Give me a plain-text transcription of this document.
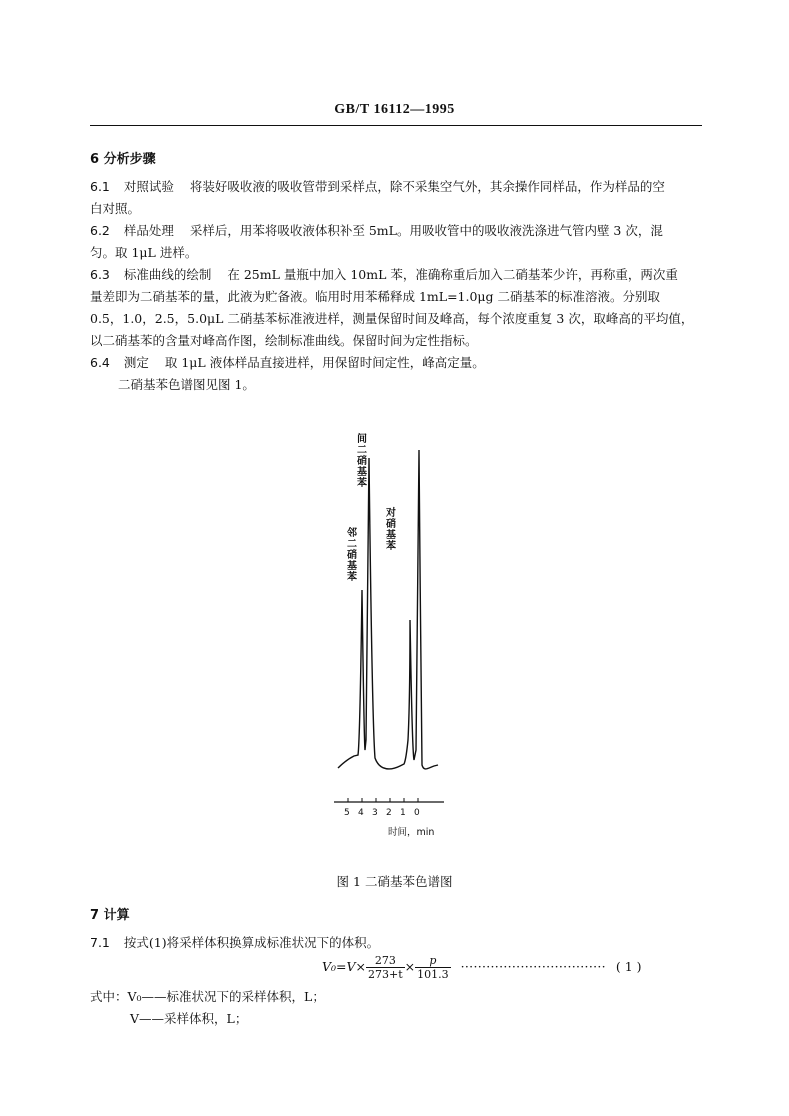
GB/T 16112—1995
6 分析步骤
6.1 对照试验 将装好吸收液的吸收管带到采样点，除不采集空气外，其余操作同样品，作为样品的空
白对照。
6.2 样品处理 采样后，用苯将吸收液体积补至 5mL。用吸收管中的吸收液洗涤进气管内壁 3 次，混
匀。取 1μL 进样。
6.3 标准曲线的绘制 在 25mL 量瓶中加入 10mL 苯，准确称重后加入二硝基苯少许，再称重，两次重
量差即为二硝基苯的量，此液为贮备液。临用时用苯稀释成 1mL=1.0μg 二硝基苯的标准溶液。分别取
0.5，1.0，2.5，5.0μL 二硝基苯标准液进样，测量保留时间及峰高，每个浓度重复 3 次，取峰高的平均值，
以二硝基苯的含量对峰高作图，绘制标准曲线。保留时间为定性指标。
6.4 测定 取 1μL 液体样品直接进样，用保留时间定性，峰高定量。
二硝基苯色谱图见图 1。
间二硝基苯
邻二硝基苯
对硝基苯
5 4 3 2 1 0
时间，min
图 1 二硝基苯色谱图
7 计算
7.1 按式(1)将采样体积换算成标准状况下的体积。
$V_0=V\times \frac{273}{273+t} \times \frac{p}{101.3}$ ·································· ( 1 )
式中：V₀——标准状况下的采样体积，L；
V——采样体积，L；
